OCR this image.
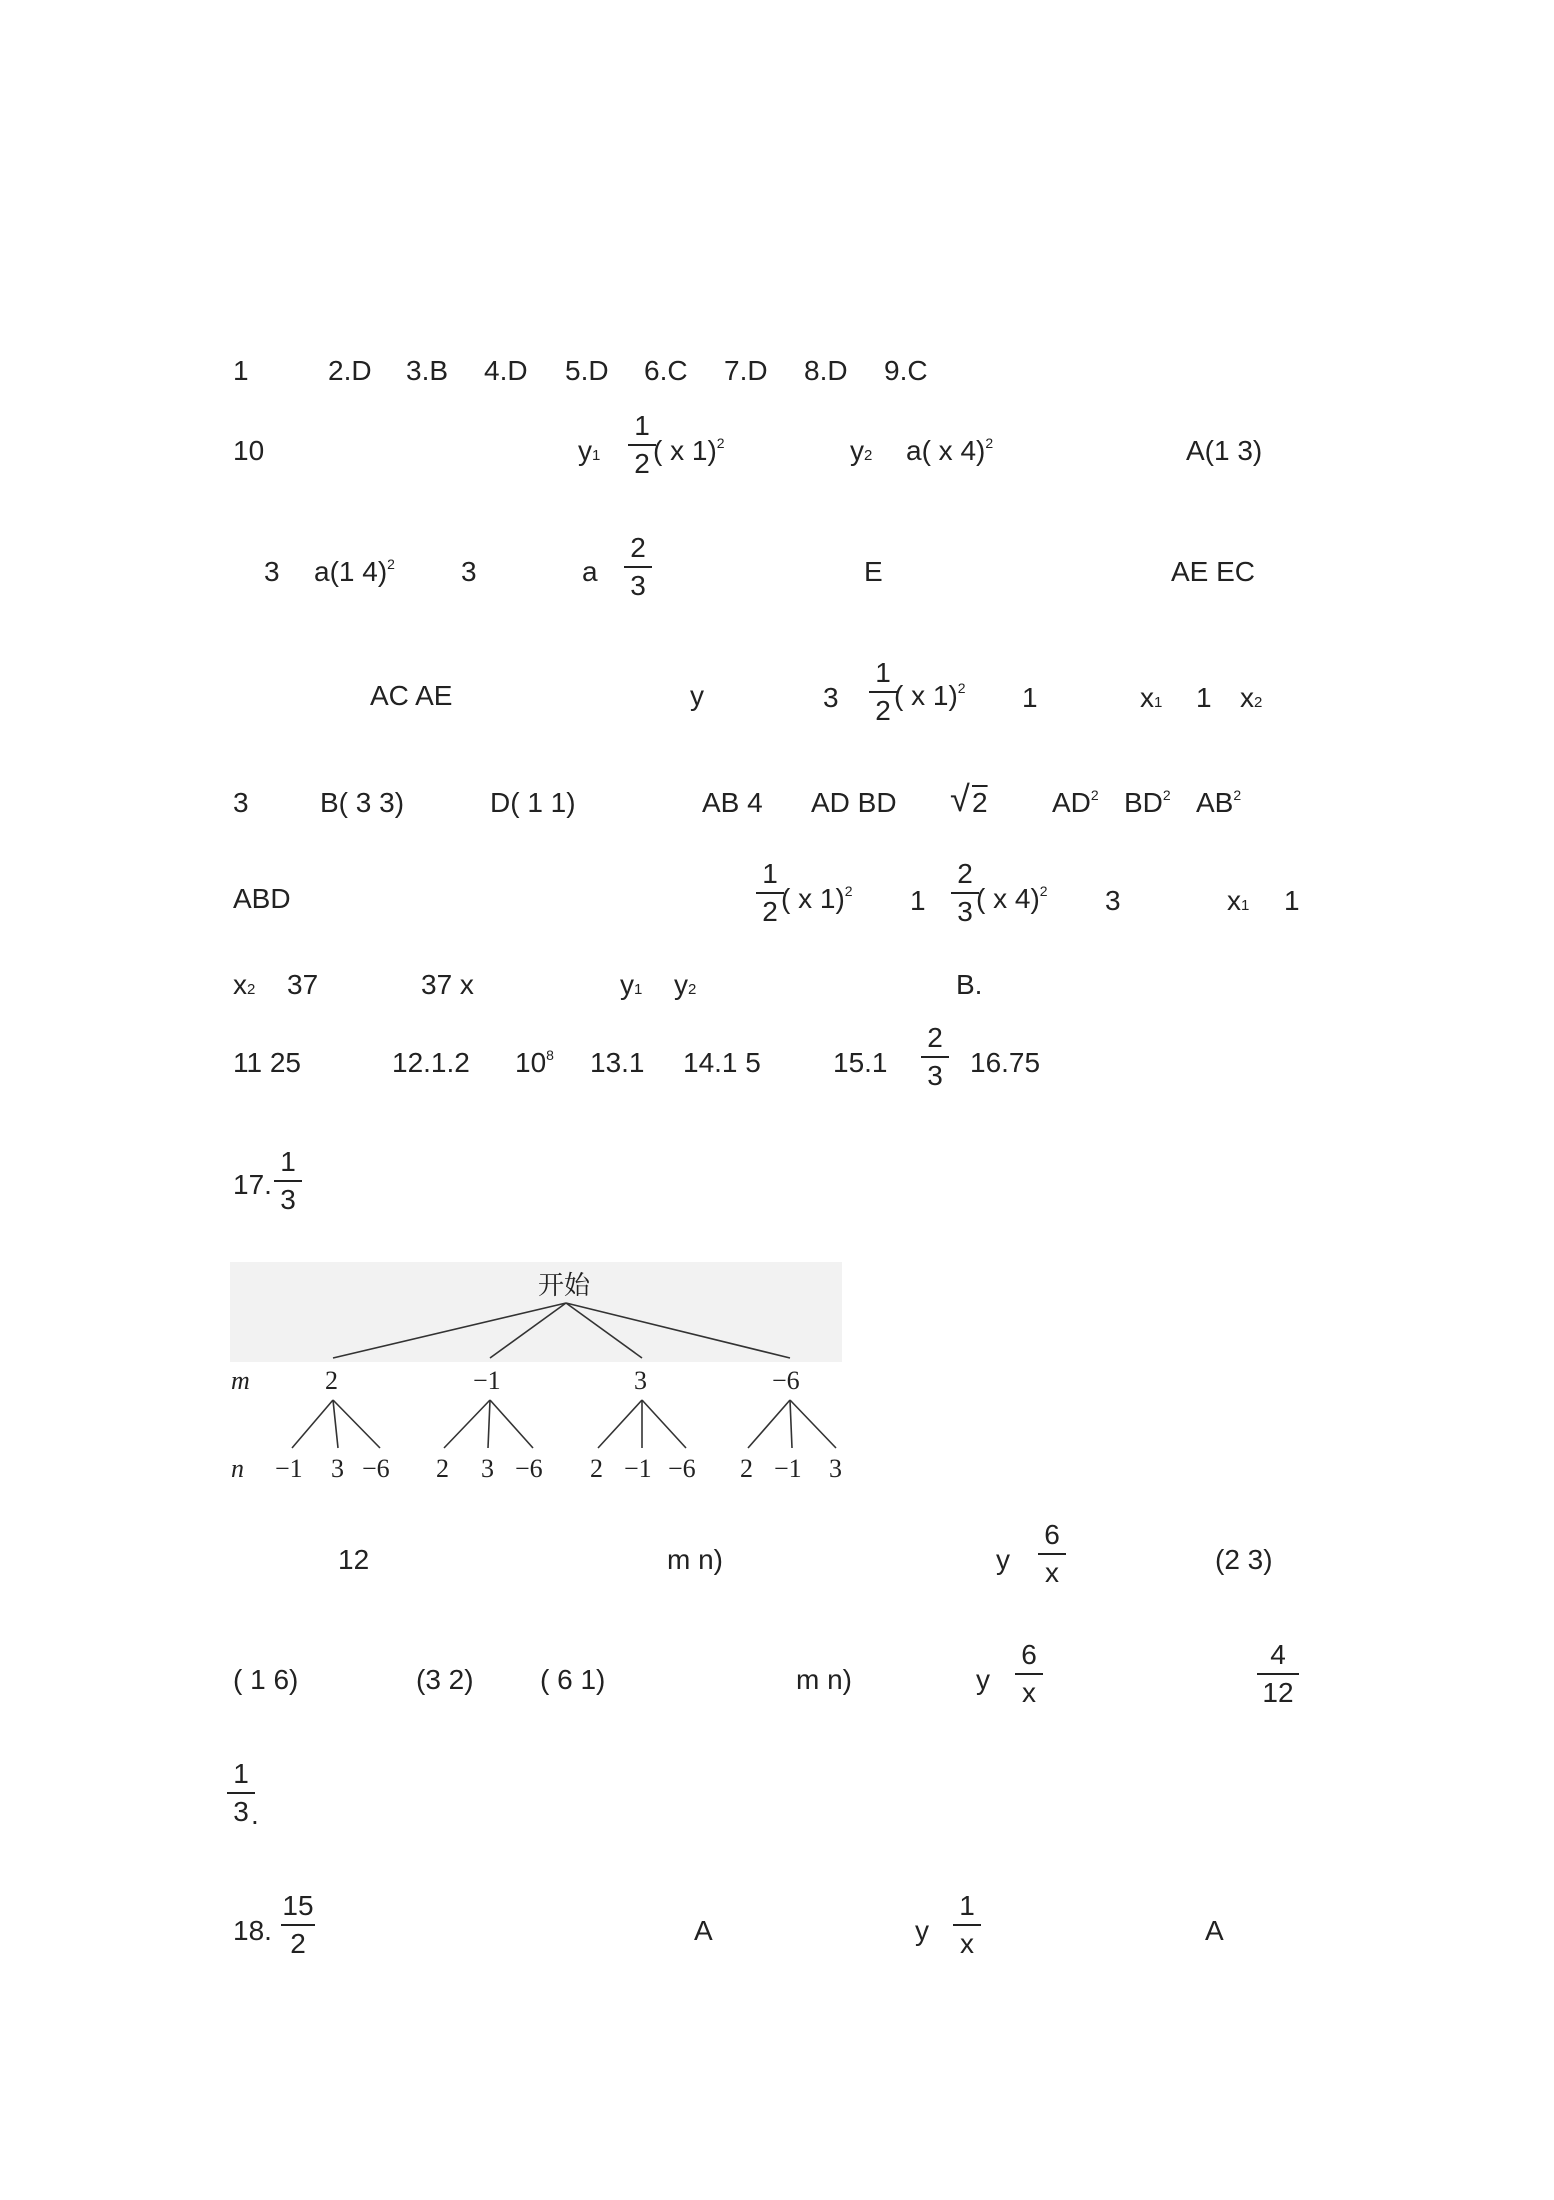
1	2.D 3.B 4.D 5.D 6.C 7.D 8.D 9.C
10	y1
1
2 ( x 1)$^2$	y2 a( x 4)$^2$	A(1 3)
3 a(1 4)$^2$ 3	a
2
3	E	AE EC
AC AE	y	3
1
2 ( x 1)$^2$ 1	x1 1 x2
3	B( 3 3)	D( 1 1)	AB 4 AD BD √ 2 $AD^2$ $BD^2$ $AB^2$
ABD
1
2 ( x 1)$^2$ 1
2
3 ( x 4)$^2$ 3	x1 1
x2 37	37 x	y1 y2	B.
11 25	12.1.2 $10^8$ 13.1 14.1 5	15.1
2
3 16.75
17.
1
3
开始
m
n
2	−1	3	−6
−1 3 −6 2 3 −6 2 −1 −6 2 −1 3
12	m n)	y
6
x	(2 3)
( 1 6)	(3 2) ( 6 1)	m n)	y
6
x
4
12
1
3 .
18.
15
2	A	y
1
x	A
